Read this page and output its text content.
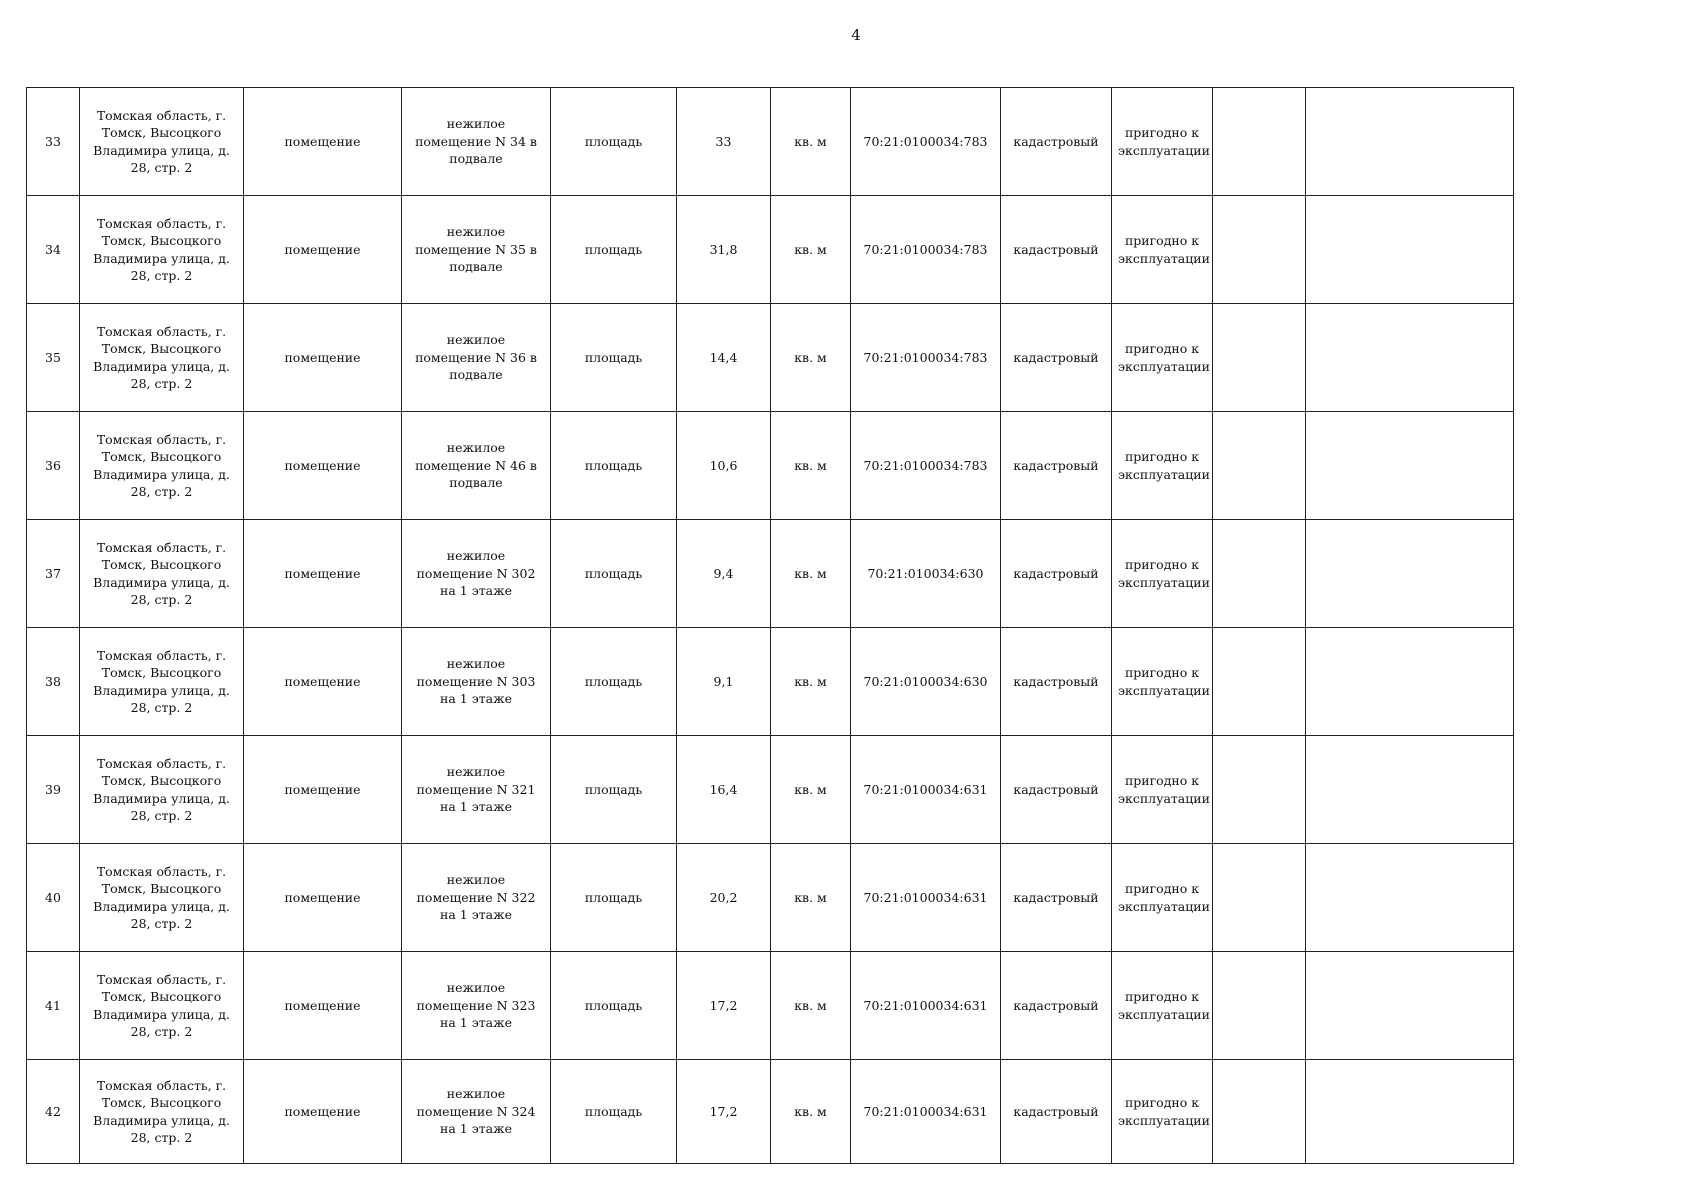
4
33	Томская область, г. Томск, Высоцкого Владимира улица, д. 28, стр. 2	помещение	нежилое помещение N 34 в подвале	площадь	33	кв. м	70:21:0100034:783	кадастровый	пригодно к эксплуатации		
34	Томская область, г. Томск, Высоцкого Владимира улица, д. 28, стр. 2	помещение	нежилое помещение N 35 в подвале	площадь	31,8	кв. м	70:21:0100034:783	кадастровый	пригодно к эксплуатации		
35	Томская область, г. Томск, Высоцкого Владимира улица, д. 28, стр. 2	помещение	нежилое помещение N 36 в подвале	площадь	14,4	кв. м	70:21:0100034:783	кадастровый	пригодно к эксплуатации		
36	Томская область, г. Томск, Высоцкого Владимира улица, д. 28, стр. 2	помещение	нежилое помещение N 46 в подвале	площадь	10,6	кв. м	70:21:0100034:783	кадастровый	пригодно к эксплуатации		
37	Томская область, г. Томск, Высоцкого Владимира улица, д. 28, стр. 2	помещение	нежилое помещение N 302 на 1 этаже	площадь	9,4	кв. м	70:21:010034:630	кадастровый	пригодно к эксплуатации		
38	Томская область, г. Томск, Высоцкого Владимира улица, д. 28, стр. 2	помещение	нежилое помещение N 303 на 1 этаже	площадь	9,1	кв. м	70:21:0100034:630	кадастровый	пригодно к эксплуатации		
39	Томская область, г. Томск, Высоцкого Владимира улица, д. 28, стр. 2	помещение	нежилое помещение N 321 на 1 этаже	площадь	16,4	кв. м	70:21:0100034:631	кадастровый	пригодно к эксплуатации		
40	Томская область, г. Томск, Высоцкого Владимира улица, д. 28, стр. 2	помещение	нежилое помещение N 322 на 1 этаже	площадь	20,2	кв. м	70:21:0100034:631	кадастровый	пригодно к эксплуатации		
41	Томская область, г. Томск, Высоцкого Владимира улица, д. 28, стр. 2	помещение	нежилое помещение N 323 на 1 этаже	площадь	17,2	кв. м	70:21:0100034:631	кадастровый	пригодно к эксплуатации		
42	Томская область, г. Томск, Высоцкого Владимира улица, д. 28, стр. 2	помещение	нежилое помещение N 324 на 1 этаже	площадь	17,2	кв. м	70:21:0100034:631	кадастровый	пригодно к эксплуатации		
